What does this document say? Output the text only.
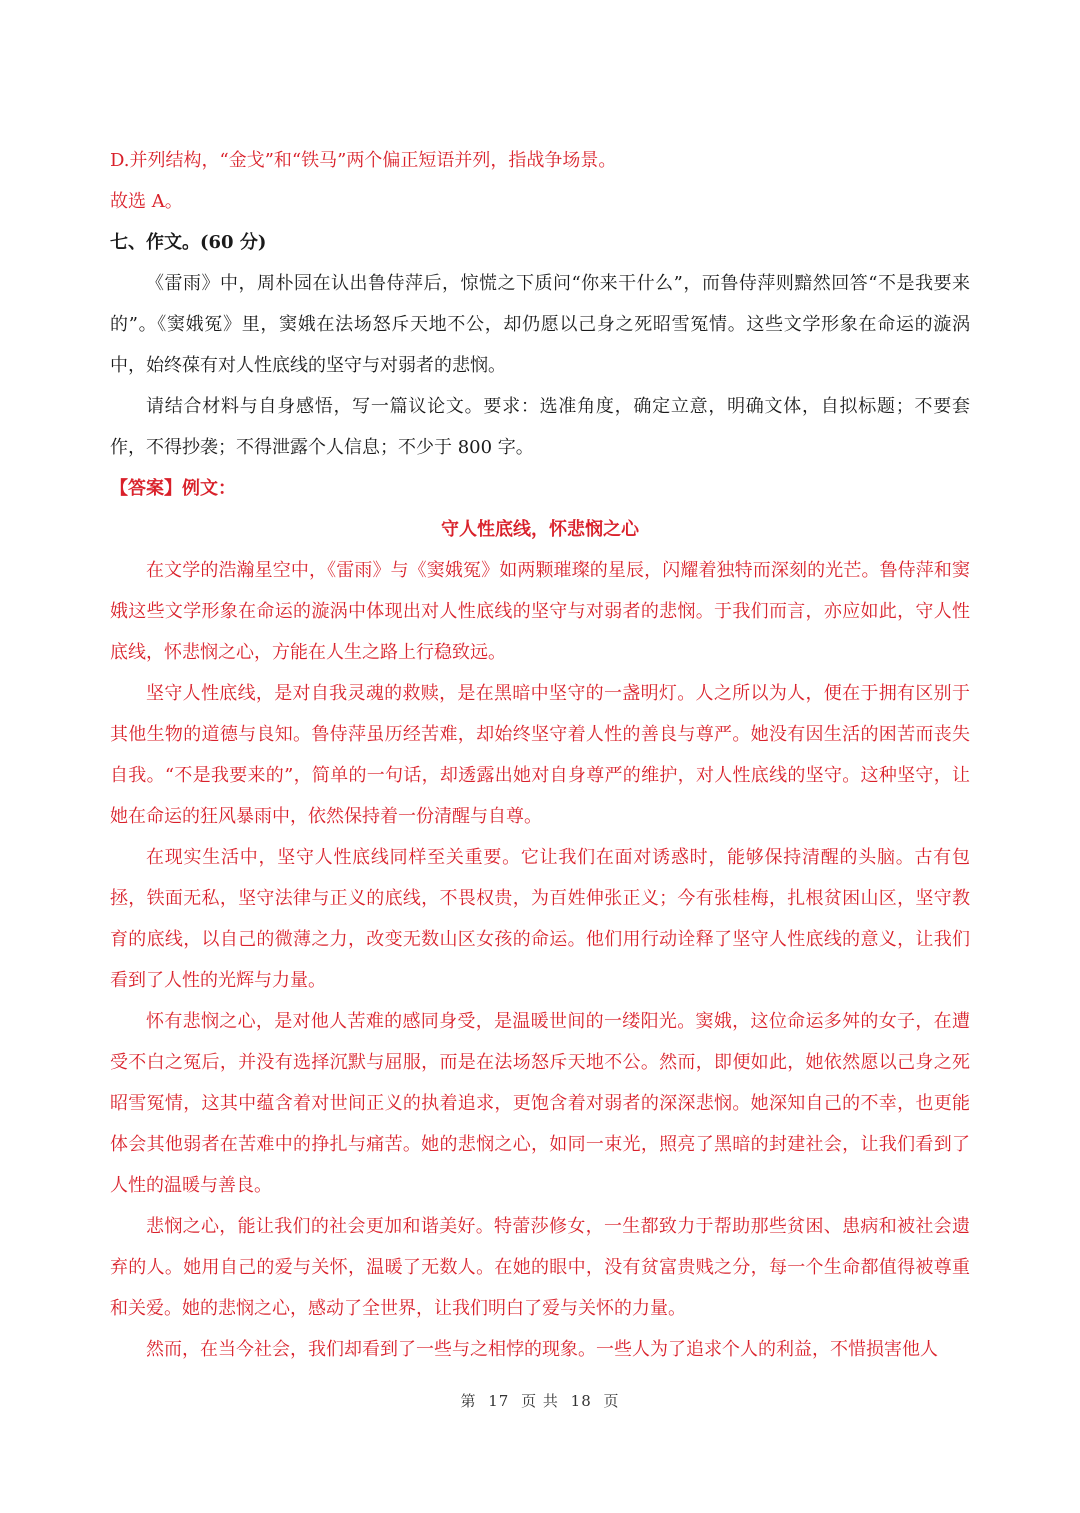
D.并列结构，“金戈”和“铁马”两个偏正短语并列，指战争场景。

故选 A。

七、作文。(60 分)

《雷雨》中，周朴园在认出鲁侍萍后，惊慌之下质问“你来干什么”，而鲁侍萍则黯然回答“不是我要来的”。《窦娥冤》里，窦娥在法场怒斥天地不公，却仍愿以己身之死昭雪冤情。这些文学形象在命运的漩涡中，始终葆有对人性底线的坚守与对弱者的悲悯。

请结合材料与自身感悟，写一篇议论文。要求：选准角度，确定立意，明确文体，自拟标题；不要套作，不得抄袭；不得泄露个人信息；不少于 800 字。

【答案】例文：

守人性底线，怀悲悯之心

在文学的浩瀚星空中，《雷雨》与《窦娥冤》如两颗璀璨的星辰，闪耀着独特而深刻的光芒。鲁侍萍和窦娥这些文学形象在命运的漩涡中体现出对人性底线的坚守与对弱者的悲悯。于我们而言，亦应如此，守人性底线，怀悲悯之心，方能在人生之路上行稳致远。

坚守人性底线，是对自我灵魂的救赎，是在黑暗中坚守的一盏明灯。人之所以为人，便在于拥有区别于其他生物的道德与良知。鲁侍萍虽历经苦难，却始终坚守着人性的善良与尊严。她没有因生活的困苦而丧失自我。“不是我要来的”，简单的一句话，却透露出她对自身尊严的维护，对人性底线的坚守。这种坚守，让她在命运的狂风暴雨中，依然保持着一份清醒与自尊。

在现实生活中，坚守人性底线同样至关重要。它让我们在面对诱惑时，能够保持清醒的头脑。古有包拯，铁面无私，坚守法律与正义的底线，不畏权贵，为百姓伸张正义；今有张桂梅，扎根贫困山区，坚守教育的底线，以自己的微薄之力，改变无数山区女孩的命运。他们用行动诠释了坚守人性底线的意义，让我们看到了人性的光辉与力量。

怀有悲悯之心，是对他人苦难的感同身受，是温暖世间的一缕阳光。窦娥，这位命运多舛的女子，在遭受不白之冤后，并没有选择沉默与屈服，而是在法场怒斥天地不公。然而，即便如此，她依然愿以己身之死昭雪冤情，这其中蕴含着对世间正义的执着追求，更饱含着对弱者的深深悲悯。她深知自己的不幸，也更能体会其他弱者在苦难中的挣扎与痛苦。她的悲悯之心，如同一束光，照亮了黑暗的封建社会，让我们看到了人性的温暖与善良。

悲悯之心，能让我们的社会更加和谐美好。特蕾莎修女，一生都致力于帮助那些贫困、患病和被社会遗弃的人。她用自己的爱与关怀，温暖了无数人。在她的眼中，没有贫富贵贱之分，每一个生命都值得被尊重和关爱。她的悲悯之心，感动了全世界，让我们明白了爱与关怀的力量。

然而，在当今社会，我们却看到了一些与之相悖的现象。一些人为了追求个人的利益，不惜损害他人

第 17 页 共 18 页
